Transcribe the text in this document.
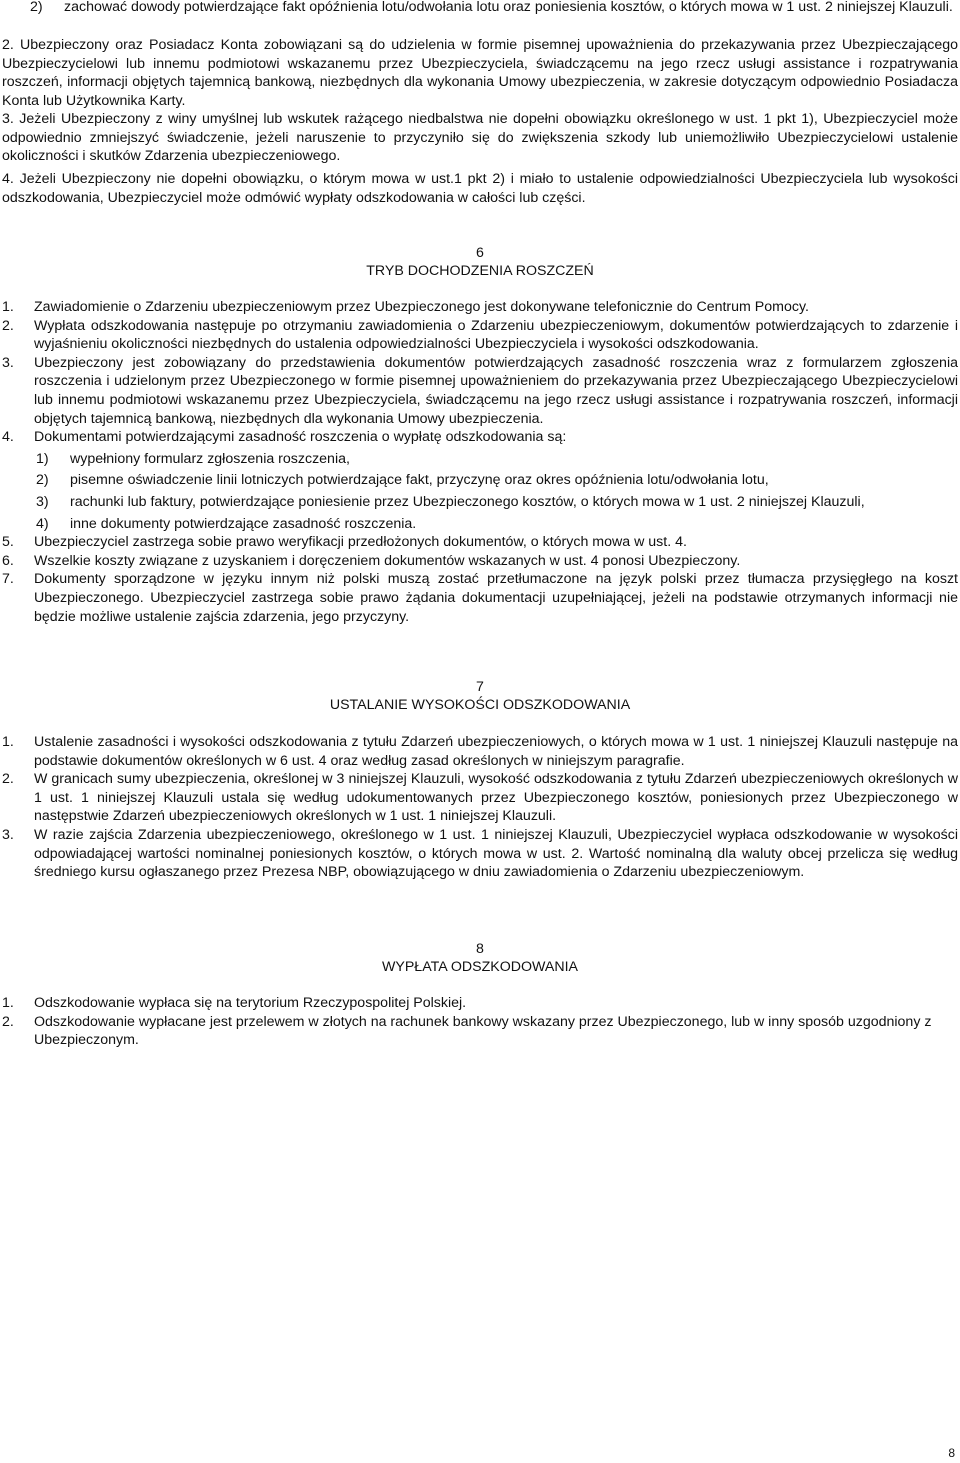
2) zachować dowody potwierdzające fakt opóźnienia lotu/odwołania lotu oraz poniesienia kosztów, o których mowa w 1 ust. 2 niniejszej Klauzuli.
2. Ubezpieczony oraz Posiadacz Konta zobowiązani są do udzielenia w formie pisemnej upoważnienia do przekazywania przez Ubezpieczającego Ubezpieczycielowi lub innemu podmiotowi wskazanemu przez Ubezpieczyciela, świadczącemu na jego rzecz usługi assistance i rozpatrywania roszczeń, informacji objętych tajemnicą bankową, niezbędnych dla wykonania Umowy ubezpieczenia, w zakresie dotyczącym odpowiednio Posiadacza Konta lub Użytkownika Karty.
3. Jeżeli Ubezpieczony z winy umyślnej lub wskutek rażącego niedbalstwa nie dopełni obowiązku określonego w ust. 1 pkt 1), Ubezpieczyciel może odpowiednio zmniejszyć świadczenie, jeżeli naruszenie to przyczyniło się do zwiększenia szkody lub uniemożliwiło Ubezpieczycielowi ustalenie okoliczności i skutków Zdarzenia ubezpieczeniowego.
4. Jeżeli Ubezpieczony nie dopełni obowiązku, o którym mowa w ust.1 pkt 2) i miało to ustalenie odpowiedzialności Ubezpieczyciela lub wysokości odszkodowania, Ubezpieczyciel może odmówić wypłaty odszkodowania w całości lub części.
6
TRYB DOCHODZENIA ROSZCZEŃ
1. Zawiadomienie o Zdarzeniu ubezpieczeniowym przez Ubezpieczonego jest dokonywane telefonicznie do Centrum Pomocy.
2. Wypłata odszkodowania następuje po otrzymaniu zawiadomienia o Zdarzeniu ubezpieczeniowym, dokumentów potwierdzających to zdarzenie i wyjaśnieniu okoliczności niezbędnych do ustalenia odpowiedzialności Ubezpieczyciela i wysokości odszkodowania.
3. Ubezpieczony jest zobowiązany do przedstawienia dokumentów potwierdzających zasadność roszczenia wraz z formularzem zgłoszenia roszczenia i udzielonym przez Ubezpieczonego w formie pisemnej upoważnieniem do przekazywania przez Ubezpieczającego Ubezpieczycielowi lub innemu podmiotowi wskazanemu przez Ubezpieczyciela, świadczącemu na jego rzecz usługi assistance i rozpatrywania roszczeń, informacji objętych tajemnicą bankową, niezbędnych dla wykonania Umowy ubezpieczenia.
4. Dokumentami potwierdzającymi zasadność roszczenia o wypłatę odszkodowania są:
1) wypełniony formularz zgłoszenia roszczenia,
2) pisemne oświadczenie linii lotniczych potwierdzające fakt, przyczynę oraz okres opóźnienia lotu/odwołania lotu,
3) rachunki lub faktury, potwierdzające poniesienie przez Ubezpieczonego kosztów, o których mowa w 1 ust. 2 niniejszej Klauzuli,
4) inne dokumenty potwierdzające zasadność roszczenia.
5. Ubezpieczyciel zastrzega sobie prawo weryfikacji przedłożonych dokumentów, o których mowa w ust. 4.
6. Wszelkie koszty związane z uzyskaniem i doręczeniem dokumentów wskazanych w ust. 4 ponosi Ubezpieczony.
7. Dokumenty sporządzone w języku innym niż polski muszą zostać przetłumaczone na język polski przez tłumacza przysięgłego na koszt Ubezpieczonego. Ubezpieczyciel zastrzega sobie prawo żądania dokumentacji uzupełniającej, jeżeli na podstawie otrzymanych informacji nie będzie możliwe ustalenie zajścia zdarzenia, jego przyczyny.
7
USTALANIE WYSOKOŚCI ODSZKODOWANIA
1. Ustalenie zasadności i wysokości odszkodowania z tytułu Zdarzeń ubezpieczeniowych, o których mowa w 1 ust. 1 niniejszej Klauzuli następuje na podstawie dokumentów określonych w 6 ust. 4 oraz według zasad określonych w niniejszym paragrafie.
2. W granicach sumy ubezpieczenia, określonej w 3 niniejszej Klauzuli, wysokość odszkodowania z tytułu Zdarzeń ubezpieczeniowych określonych w 1 ust. 1 niniejszej Klauzuli ustala się według udokumentowanych przez Ubezpieczonego kosztów, poniesionych przez Ubezpieczonego w następstwie Zdarzeń ubezpieczeniowych określonych w 1 ust. 1 niniejszej Klauzuli.
3. W razie zajścia Zdarzenia ubezpieczeniowego, określonego w 1 ust. 1 niniejszej Klauzuli, Ubezpieczyciel wypłaca odszkodowanie w wysokości odpowiadającej wartości nominalnej poniesionych kosztów, o których mowa w ust. 2. Wartość nominalną dla waluty obcej przelicza się według średniego kursu ogłaszanego przez Prezesa NBP, obowiązującego w dniu zawiadomienia o Zdarzeniu ubezpieczeniowym.
8
WYPŁATA ODSZKODOWANIA
1. Odszkodowanie wypłaca się na terytorium Rzeczypospolitej Polskiej.
2. Odszkodowanie wypłacane jest przelewem w złotych na rachunek bankowy wskazany przez Ubezpieczonego, lub w inny sposób uzgodniony z Ubezpieczonym.
8
